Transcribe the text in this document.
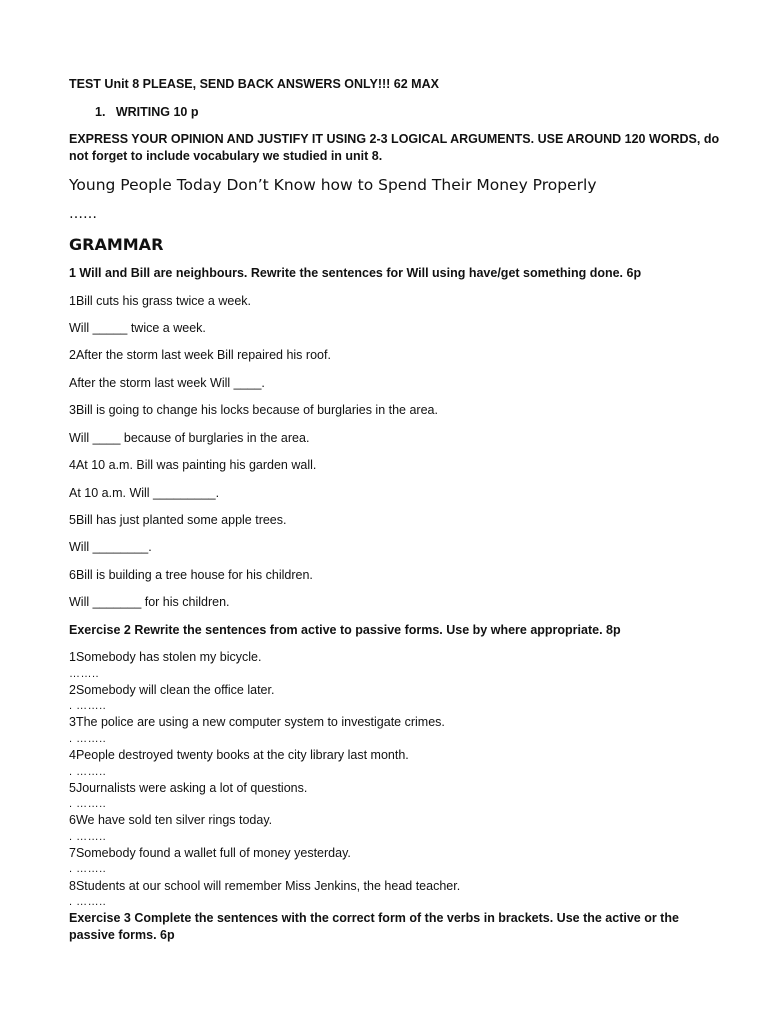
TEST Unit 8 PLEASE, SEND BACK ANSWERS ONLY!!! 62 MAX
1.   WRITING 10 p
EXPRESS YOUR OPINION AND JUSTIFY IT USING 2-3 LOGICAL ARGUMENTS. USE AROUND 120 WORDS, do
not forget to include vocabulary we studied in unit 8.
Young People Today Don’t Know how to Spend Their Money Properly
……
GRAMMAR
1 Will and Bill are neighbours. Rewrite the sentences for Will using have/get something done. 6p
1Bill cuts his grass twice a week.
Will _____ twice a week.
2After the storm last week Bill repaired his roof.
After the storm last week Will ____.
3Bill is going to change his locks because of burglaries in the area.
Will ____ because of burglaries in the area.
4At 10 a.m. Bill was painting his garden wall.
At 10 a.m. Will _________.
5Bill has just planted some apple trees.
Will ________.
6Bill is building a tree house for his children.
Will _______ for his children.
Exercise 2 Rewrite the sentences from active to passive forms. Use by where appropriate. 8p
1Somebody has stolen my bicycle.
……..
2Somebody will clean the office later.
. ……..
3The police are using a new computer system to investigate crimes.
. ……..
4People destroyed twenty books at the city library last month.
. ……..
5Journalists were asking a lot of questions.
. ……..
6We have sold ten silver rings today.
. ……..
7Somebody found a wallet full of money yesterday.
. ……..
8Students at our school will remember Miss Jenkins, the head teacher.
. ……..
Exercise 3 Complete the sentences with the correct form of the verbs in brackets. Use the active or the
passive forms. 6p
